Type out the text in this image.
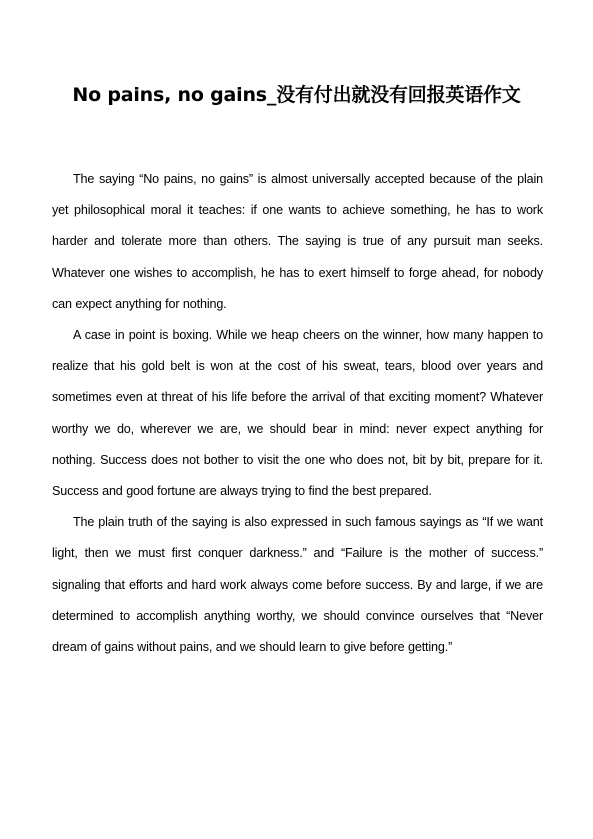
No pains, no gains_没有付出就没有回报英语作文

The saying “No pains, no gains” is almost universally accepted because of the plain yet philosophical moral it teaches: if one wants to achieve something, he has to work harder and tolerate more than others. The saying is true of any pursuit man seeks. Whatever one wishes to accomplish, he has to exert himself to forge ahead, for nobody can expect anything for nothing.

A case in point is boxing. While we heap cheers on the winner, how many happen to realize that his gold belt is won at the cost of his sweat, tears, blood over years and sometimes even at threat of his life before the arrival of that exciting moment? Whatever worthy we do, wherever we are, we should bear in mind: never expect anything for nothing. Success does not bother to visit the one who does not, bit by bit, prepare for it. Success and good fortune are always trying to find the best prepared.

The plain truth of the saying is also expressed in such famous sayings as “If we want light, then we must first conquer darkness.” and “Failure is the mother of success.” signaling that efforts and hard work always come before success. By and large, if we are determined to accomplish anything worthy, we should convince ourselves that “Never dream of gains without pains, and we should learn to give before getting.”
